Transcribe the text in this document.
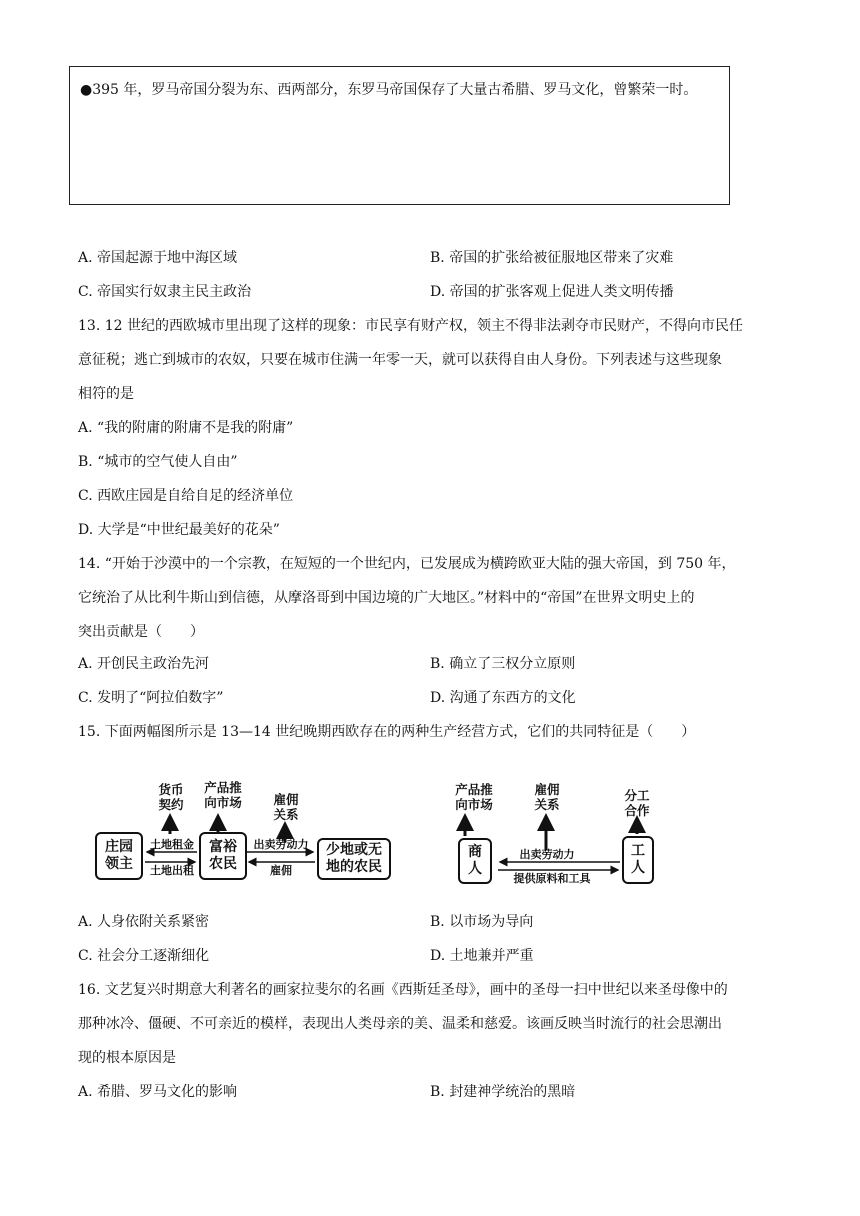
●395 年，罗马帝国分裂为东、西两部分，东罗马帝国保存了大量古希腊、罗马文化，曾繁荣一时。

A. 帝国起源于地中海区域	B. 帝国的扩张给被征服地区带来了灾难
C. 帝国实行奴隶主民主政治	D. 帝国的扩张客观上促进人类文明传播
13. 12 世纪的西欧城市里出现了这样的现象：市民享有财产权，领主不得非法剥夺市民财产，不得向市民任
意征税；逃亡到城市的农奴，只要在城市住满一年零一天，就可以获得自由人身份。下列表述与这些现象
相符的是
A. “我的附庸的附庸不是我的附庸”
B. “城市的空气使人自由”
C. 西欧庄园是自给自足的经济单位
D. 大学是“中世纪最美好的花朵”
14. “开始于沙漠中的一个宗教，在短短的一个世纪内，已发展成为横跨欧亚大陆的强大帝国，到 750 年，
它统治了从比利牛斯山到信德，从摩洛哥到中国边境的广大地区。”材料中的“帝国”在世界文明史上的
突出贡献是（　　）
A. 开创民主政治先河	B. 确立了三权分立原则
C. 发明了“阿拉伯数字”	D. 沟通了东西方的文化
15. 下面两幅图所示是 13—14 世纪晚期西欧存在的两种生产经营方式，它们的共同特征是（　　）
庄园
领主
富裕
农民
少地或无
地的农民
货币
契约
产品推
向市场	雇佣
关系
土地租金
土地出租
出卖劳动力
雇佣
商
人
工
人
产品推
向市场
雇佣
关系
分工
合作
出卖劳动力
提供原料和工具
A. 人身依附关系紧密	B. 以市场为导向
C. 社会分工逐渐细化	D. 土地兼并严重
16. 文艺复兴时期意大利著名的画家拉斐尔的名画《西斯廷圣母》，画中的圣母一扫中世纪以来圣母像中的
那种冰冷、僵硬、不可亲近的模样，表现出人类母亲的美、温柔和慈爱。该画反映当时流行的社会思潮出
现的根本原因是
A. 希腊、罗马文化的影响	B. 封建神学统治的黑暗
